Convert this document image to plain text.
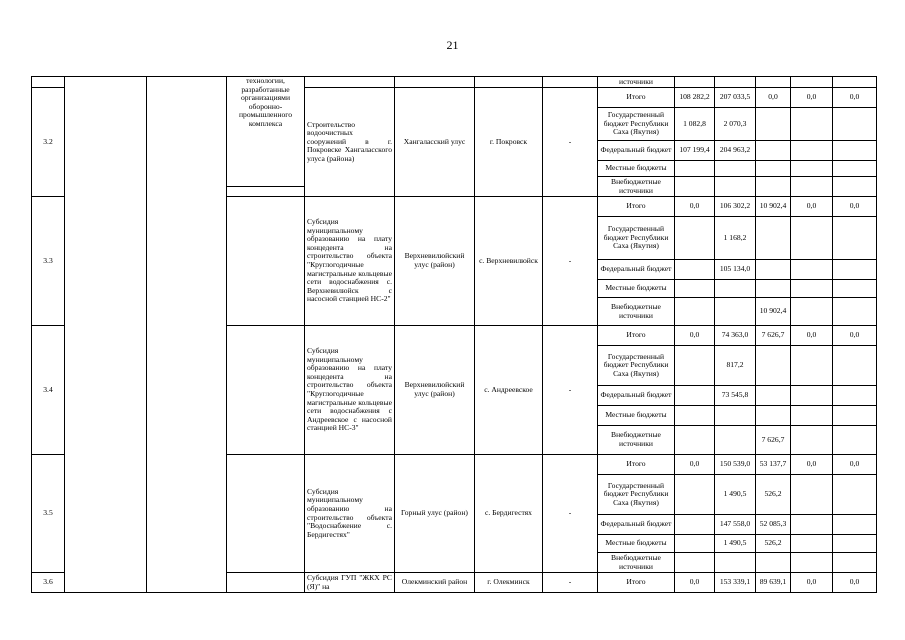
21
			технологии, разработанные организациями оборонно-промышленного комплекса					источники					
3.2				Строительство водоочистных сооружений в г. Покровске Хангаласского улуса (района)	Хангаласский улус	г. Покровск	-	Итого	108 282,2	207 033,5	0,0	0,0	0,0
								Государственный бюджет Республики Саха (Якутия)	1 082,8	2 070,3			
								Федеральный бюджет	107 199,4	204 963,2			
								Местные бюджеты					
								Внебюджетные источники					

3.3				Субсидия муниципальному образованию на плату концедента на строительство объекта "Круглогодичные магистральные кольцевые сети водоснабжения с. Верхневилюйск с насосной станцией НС-2"	Верхневилюйский улус (район)	с. Верхневилюйск	-	Итого	0,0	106 302,2	10 902,4	0,0	0,0
								Государственный бюджет Республики Саха (Якутия)		1 168,2			
								Федеральный бюджет		105 134,0			
								Местные бюджеты					
								Внебюджетные источники			10 902,4		
3.4				Субсидия муниципальному образованию на плату концедента на строительство объекта "Круглогодичные магистральные кольцевые сети водоснабжения с Андреевское с насосной станцией НС-3"	Верхневилюйский улус (район)	с. Андреевское	-	Итого	0,0	74 363,0	7 626,7	0,0	0,0
								Государственный бюджет Республики Саха (Якутия)		817,2			
								Федеральный бюджет		73 545,8			
								Местные бюджеты					
								Внебюджетные источники			7 626,7		
3.5				Субсидия муниципальному образованию на строительство объекта "Водоснабжение с. Бердигестях"	Горный улус (район)	с. Бердигестях	-	Итого	0,0	150 539,0	53 137,7	0,0	0,0
								Государственный бюджет Республики Саха (Якутия)		1 490,5	526,2		
								Федеральный бюджет		147 558,0	52 085,3		
								Местные бюджеты		1 490,5	526,2		
								Внебюджетные источники					
3.6				Субсидия ГУП "ЖКХ РС (Я)" на	Олекминский район	г. Олекминск	-	Итого	0,0	153 339,1	89 639,1	0,0	0,0
